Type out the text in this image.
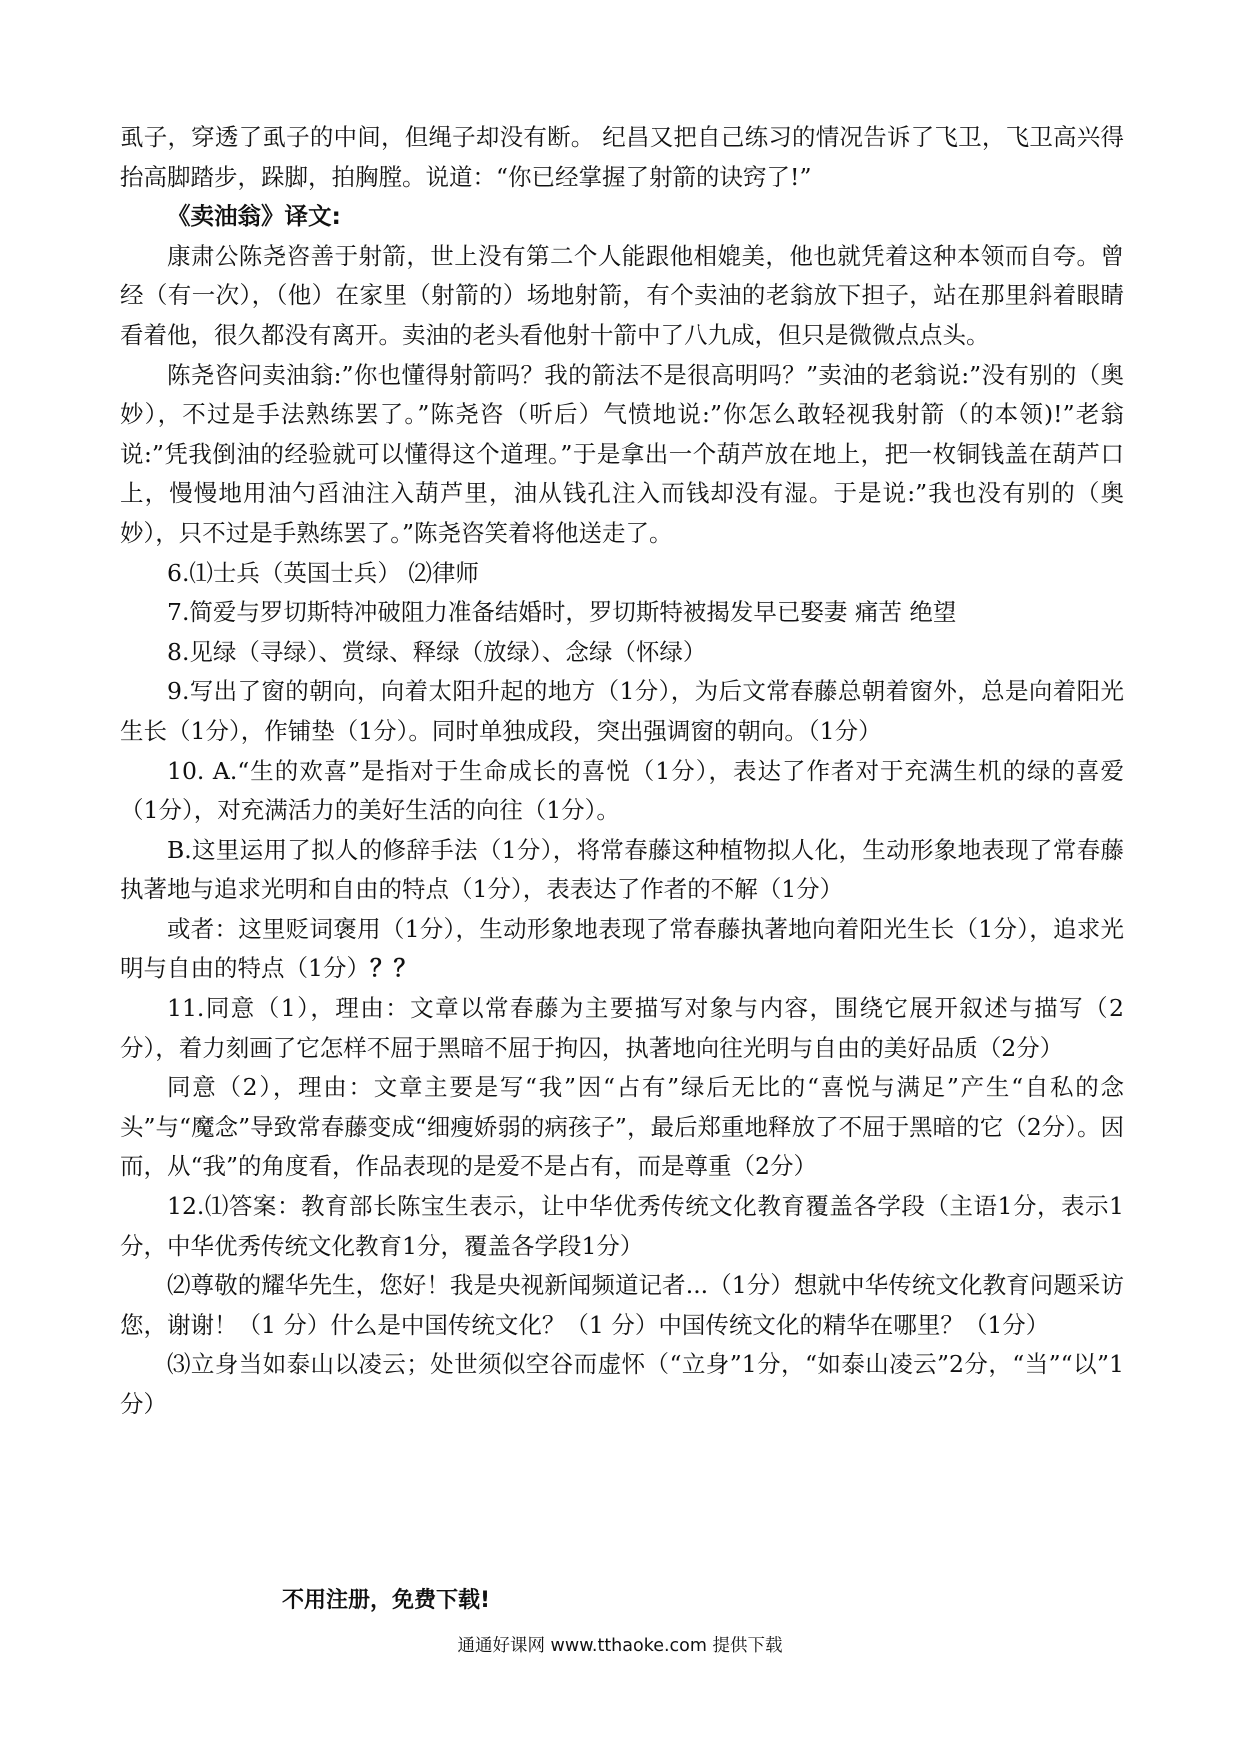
虱子，穿透了虱子的中间，但绳子却没有断。 纪昌又把自己练习的情况告诉了飞卫，飞卫高兴得抬高脚踏步，跺脚，拍胸膛。说道：“你已经掌握了射箭的诀窍了!”

《卖油翁》译文:

康肃公陈尧咨善于射箭，世上没有第二个人能跟他相媲美，他也就凭着这种本领而自夸。曾经（有一次），（他）在家里（射箭的）场地射箭，有个卖油的老翁放下担子，站在那里斜着眼睛看着他，很久都没有离开。卖油的老头看他射十箭中了八九成，但只是微微点点头。

陈尧咨问卖油翁:”你也懂得射箭吗？我的箭法不是很高明吗？”卖油的老翁说:”没有别的（奥妙），不过是手法熟练罢了。”陈尧咨（听后）气愤地说:”你怎么敢轻视我射箭（的本领)!”老翁说:”凭我倒油的经验就可以懂得这个道理。”于是拿出一个葫芦放在地上，把一枚铜钱盖在葫芦口上，慢慢地用油勺舀油注入葫芦里，油从钱孔注入而钱却没有湿。于是说:”我也没有别的（奥妙），只不过是手熟练罢了。”陈尧咨笑着将他送走了。

6.⑴士兵（英国士兵） ⑵律师

7.简爱与罗切斯特冲破阻力准备结婚时，罗切斯特被揭发早已娶妻 痛苦 绝望

8.见绿（寻绿）、赏绿、释绿（放绿）、念绿（怀绿）

9.写出了窗的朝向，向着太阳升起的地方（1分），为后文常春藤总朝着窗外，总是向着阳光生长（1分），作铺垫（1分）。同时单独成段，突出强调窗的朝向。（1分）

10. A.“生的欢喜”是指对于生命成长的喜悦（1分），表达了作者对于充满生机的绿的喜爱（1分），对充满活力的美好生活的向往（1分）。

B.这里运用了拟人的修辞手法（1分），将常春藤这种植物拟人化，生动形象地表现了常春藤执著地与追求光明和自由的特点（1分），表表达了作者的不解（1分）

或者：这里贬词褒用（1分），生动形象地表现了常春藤执著地向着阳光生长（1分），追求光明与自由的特点（1分）？？

11.同意（1），理由：文章以常春藤为主要描写对象与内容，围绕它展开叙述与描写（2分），着力刻画了它怎样不屈于黑暗不屈于拘囚，执著地向往光明与自由的美好品质（2分）

同意（2），理由：文章主要是写“我”因“占有”绿后无比的“喜悦与满足”产生“自私的念头”与“魔念”导致常春藤变成“细瘦娇弱的病孩子”，最后郑重地释放了不屈于黑暗的它（2分）。因而，从“我”的角度看，作品表现的是爱不是占有，而是尊重（2分）

12.⑴答案：教育部长陈宝生表示，让中华优秀传统文化教育覆盖各学段（主语1分，表示1分，中华优秀传统文化教育1分，覆盖各学段1分）

⑵尊敬的耀华先生，您好！我是央视新闻频道记者...（1分）想就中华传统文化教育问题采访您，谢谢！（1 分）什么是中国传统文化？（1 分）中国传统文化的精华在哪里？（1分）

⑶立身当如泰山以凌云；处世须似空谷而虚怀（“立身”1分，“如泰山凌云”2分，“当”“以”1分）

不用注册，免费下载!
通通好课网 www.tthaoke.com 提供下载
